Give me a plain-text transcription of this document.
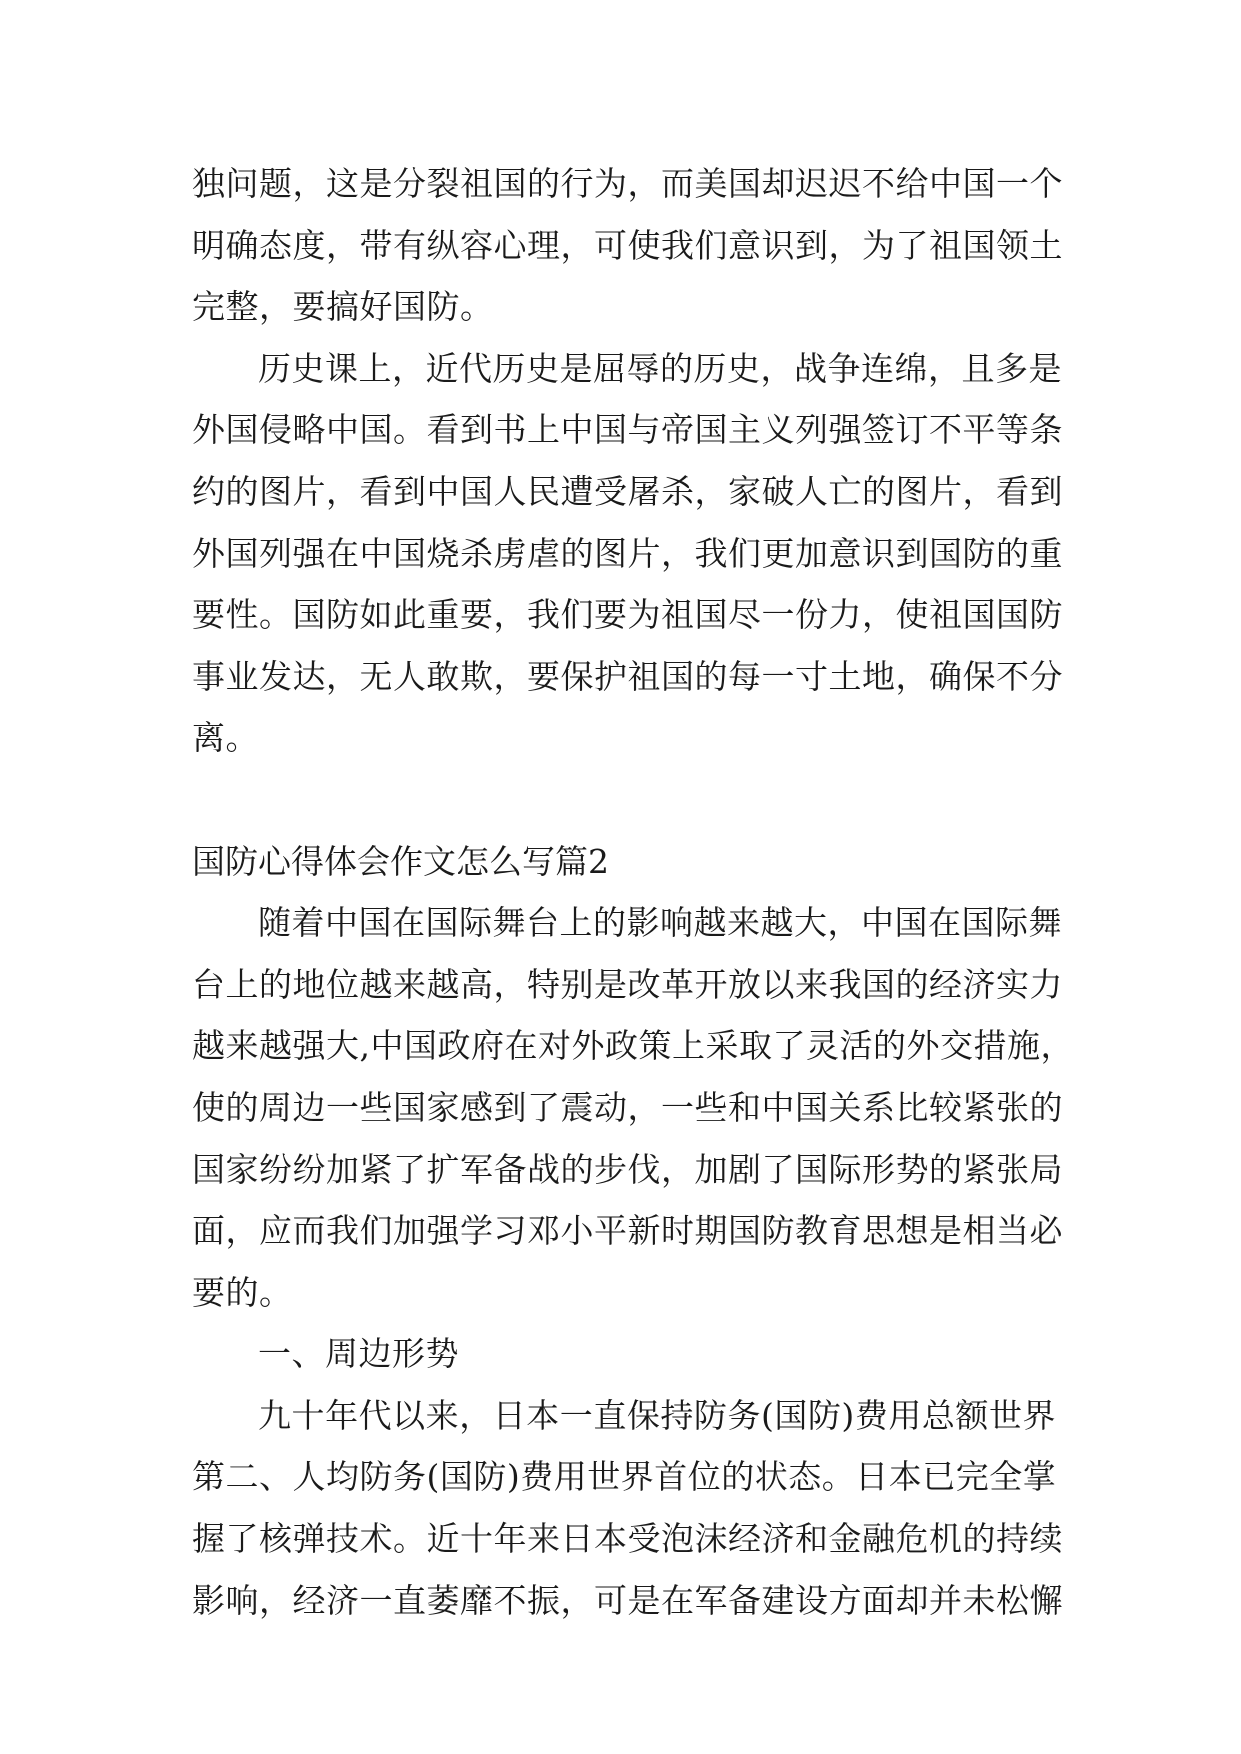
独问题，这是分裂祖国的行为，而美国却迟迟不给中国一个
明确态度，带有纵容心理，可使我们意识到，为了祖国领土
完整，要搞好国防。
历史课上，近代历史是屈辱的历史，战争连绵，且多是
外国侵略中国。看到书上中国与帝国主义列强签订不平等条
约的图片，看到中国人民遭受屠杀，家破人亡的图片，看到
外国列强在中国烧杀虏虐的图片，我们更加意识到国防的重
要性。国防如此重要，我们要为祖国尽一份力，使祖国国防
事业发达，无人敢欺，要保护祖国的每一寸土地，确保不分
离。
国防心得体会作文怎么写篇2
随着中国在国际舞台上的影响越来越大，中国在国际舞
台上的地位越来越高，特别是改革开放以来我国的经济实力
越来越强大,中国政府在对外政策上采取了灵活的外交措施，
使的周边一些国家感到了震动，一些和中国关系比较紧张的
国家纷纷加紧了扩军备战的步伐，加剧了国际形势的紧张局
面，应而我们加强学习邓小平新时期国防教育思想是相当必
要的。
一、周边形势
九十年代以来，日本一直保持防务(国防)费用总额世界
第二、人均防务(国防)费用世界首位的状态。日本已完全掌
握了核弹技术。近十年来日本受泡沫经济和金融危机的持续
影响，经济一直萎靡不振，可是在军备建设方面却并未松懈
